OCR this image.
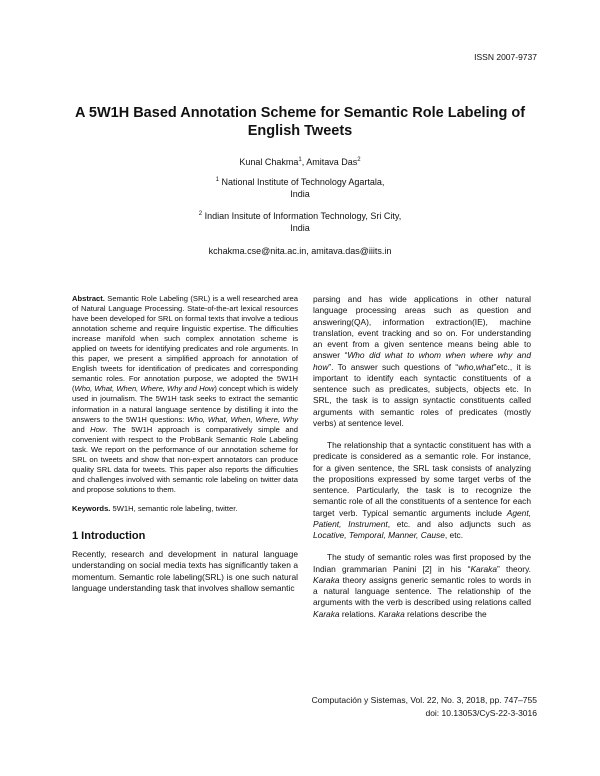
ISSN 2007-9737
A 5W1H Based Annotation Scheme for Semantic Role Labeling of English Tweets
Kunal Chakma$^1$, Amitava Das$^2$
$^1$ National Institute of Technology Agartala,
India
$^2$ Indian Insitute of Information Technology, Sri City,
India
kchakma.cse@nita.ac.in, amitava.das@iiits.in

Abstract. Semantic Role Labeling (SRL) is a well researched area of Natural Language Processing. State-of-the-art lexical resources have been developed for SRL on formal texts that involve a tedious annotation scheme and require linguistic expertise. The difficulties increase manifold when such complex annotation scheme is applied on tweets for identifying predicates and role arguments. In this paper, we present a simplified approach for annotation of English tweets for identification of predicates and corresponding semantic roles. For annotation purpose, we adopted the 5W1H (Who, What, When, Where, Why and How) concept which is widely used in journalism. The 5W1H task seeks to extract the semantic information in a natural language sentence by distilling it into the answers to the 5W1H questions: Who, What, When, Where, Why and How. The 5W1H approach is comparatively simple and convenient with respect to the ProbBank Semantic Role Labeling task. We report on the performance of our annotation scheme for SRL on tweets and show that non-expert annotators can produce quality SRL data for tweets. This paper also reports the difficulties and challenges involved with semantic role labeling on twitter data and propose solutions to them.

Keywords. 5W1H, semantic role labeling, twitter.

1 Introduction

Recently, research and development in natural language understanding on social media texts has significantly taken a momentum. Semantic role labeling(SRL) is one such natural language understanding task that involves shallow semantic

parsing and has wide applications in other natural language processing areas such as question and answering(QA), information extraction(IE), machine translation, event tracking and so on. For understanding an event from a given sentence means being able to answer “Who did what to whom when where why and how”. To answer such questions of “who,what”etc., it is important to identify each syntactic constituents of a sentence such as predicates, subjects, objects etc. In SRL, the task is to assign syntactic constituents called arguments with semantic roles of predicates (mostly verbs) at sentence level.

The relationship that a syntactic constituent has with a predicate is considered as a semantic role. For instance, for a given sentence, the SRL task consists of analyzing the propositions expressed by some target verbs of the sentence. Particularly, the task is to recognize the semantic role of all the constituents of a sentence for each target verb. Typical semantic arguments include Agent, Patient, Instrument, etc. and also adjuncts such as Locative, Temporal, Manner, Cause, etc.

The study of semantic roles was first proposed by the Indian grammarian Panini [2] in his “Karaka” theory. Karaka theory assigns generic semantic roles to words in a natural language sentence. The relationship of the arguments with the verb is described using relations called Karaka relations. Karaka relations describe the

Computación y Sistemas, Vol. 22, No. 3, 2018, pp. 747–755
doi: 10.13053/CyS-22-3-3016
